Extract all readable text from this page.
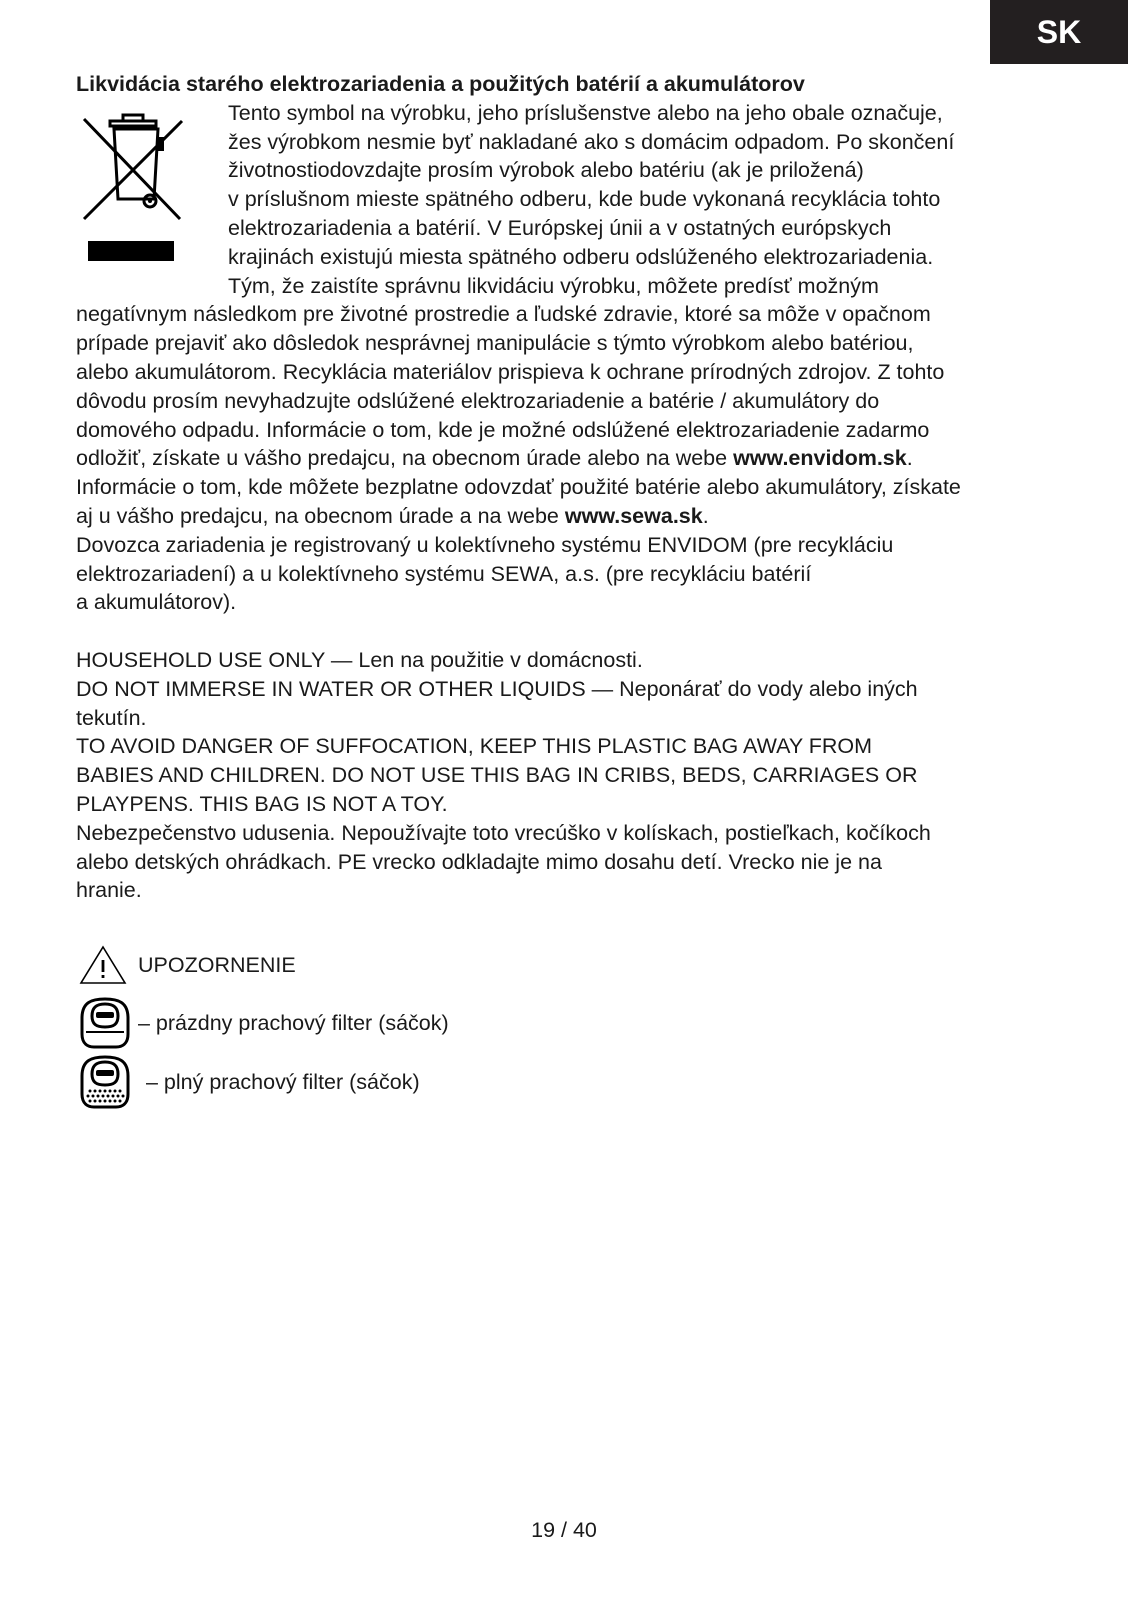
SK

Likvidácia starého elektrozariadenia a použitých batérií a akumulátorov

Tento symbol na výrobku, jeho príslušenstve alebo na jeho obale označuje,

žes výrobkom nesmie byť nakladané ako s domácim odpadom. Po skončení

životnostiodovzdajte prosím výrobok alebo batériu (ak je priložená)

v príslušnom mieste spätného odberu, kde bude vykonaná recyklácia tohto

elektrozariadenia a batérií. V Európskej únii a v ostatných európskych

krajinách existujú miesta spätného odberu odslúženého elektrozariadenia.

Tým, že zaistíte správnu likvidáciu výrobku, môžete predísť možným

negatívnym následkom pre životné prostredie a ľudské zdravie, ktoré sa môže v opačnom

prípade prejaviť ako dôsledok nesprávnej manipulácie s týmto výrobkom alebo batériou,

alebo akumulátorom. Recyklácia materiálov prispieva k ochrane prírodných zdrojov. Z tohto

dôvodu prosím nevyhadzujte odslúžené elektrozariadenie a batérie / akumulátory do

domového odpadu. Informácie o tom, kde je možné odslúžené elektrozariadenie zadarmo

odložiť, získate u vášho predajcu, na obecnom úrade alebo na webe www.envidom.sk.

Informácie o tom, kde môžete bezplatne odovzdať použité batérie alebo akumulátory, získate

aj u vášho predajcu, na obecnom úrade a na webe www.sewa.sk.

Dovozca zariadenia je registrovaný u kolektívneho systému ENVIDOM (pre recykláciu

elektrozariadení) a u kolektívneho systému SEWA, a.s. (pre recykláciu batérií

a akumulátorov).

HOUSEHOLD USE ONLY — Len na použitie v domácnosti.

DO NOT IMMERSE IN WATER OR OTHER LIQUIDS — Neponárať do vody alebo iných

tekutín.

TO AVOID DANGER OF SUFFOCATION, KEEP THIS PLASTIC BAG AWAY FROM

BABIES AND CHILDREN. DO NOT USE THIS BAG IN CRIBS, BEDS, CARRIAGES OR

PLAYPENS. THIS BAG IS NOT A TOY.

Nebezpečenstvo udusenia. Nepoužívajte toto vrecúško v kolískach, postieľkach, kočíkoch

alebo detských ohrádkach. PE vrecko odkladajte mimo dosahu detí. Vrecko nie je na

hranie.

UPOZORNENIE
– prázdny prachový filter (sáčok)
– plný prachový filter (sáčok)
19 / 40
